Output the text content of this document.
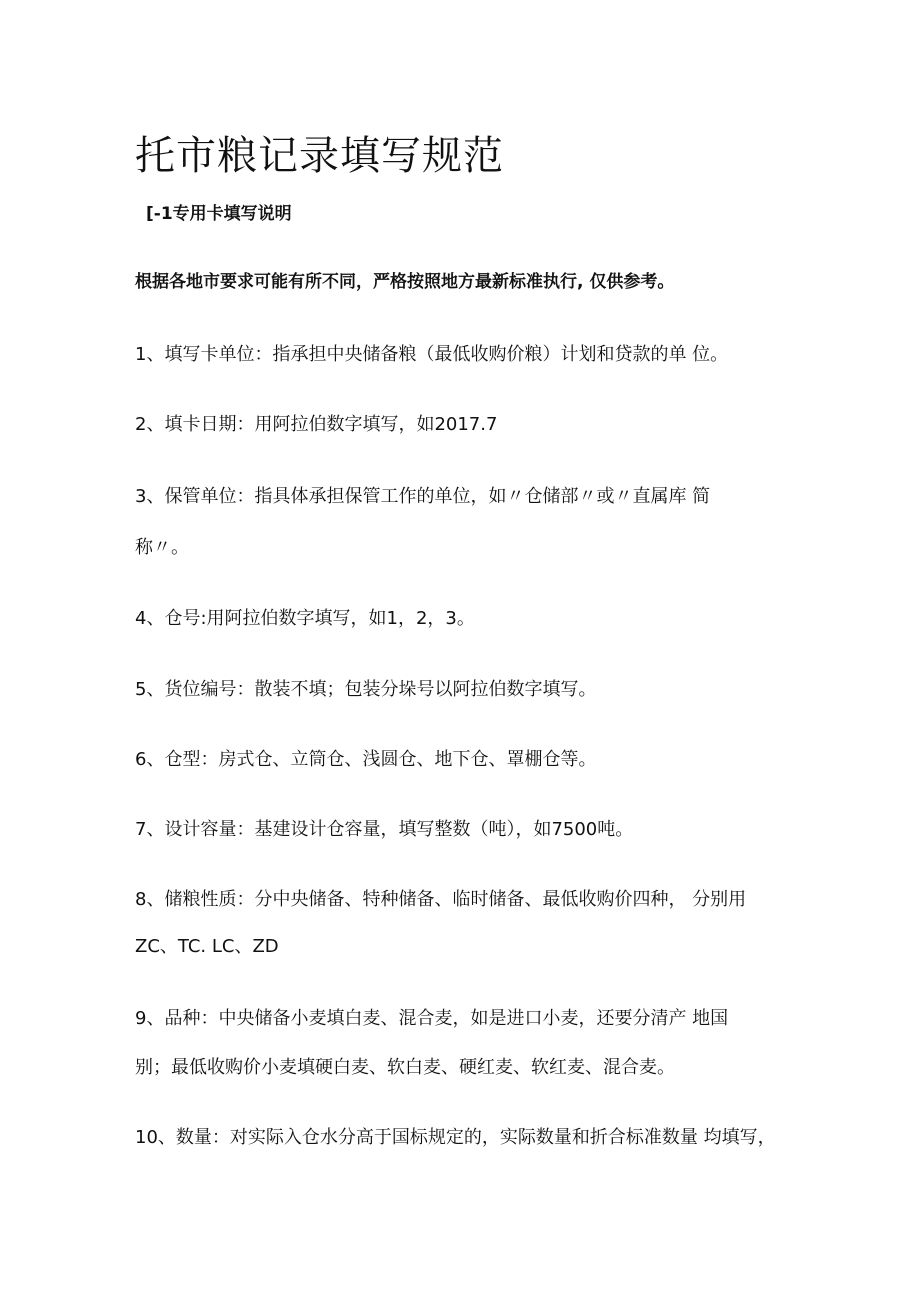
托市粮记录填写规范

[-1专用卡填写说明

根据各地市要求可能有所不同，严格按照地方最新标准执行, 仅供参考。

1、填写卡单位：指承担中央储备粮（最低收购价粮）计划和贷款的单 位。

2、填卡日期：用阿拉伯数字填写，如2017.7

3、保管单位：指具体承担保管工作的单位，如〃仓储部〃或〃直属库 简

称〃。

4、仓号:用阿拉伯数字填写，如1，2，3。

5、货位编号：散装不填；包装分垛号以阿拉伯数字填写。

6、仓型：房式仓、立筒仓、浅圆仓、地下仓、罩棚仓等。

7、设计容量：基建设计仓容量，填写整数（吨），如7500吨。

8、储粮性质：分中央储备、特种储备、临时储备、最低收购价四种， 分别用

ZC、TC. LC、ZD

9、品种：中央储备小麦填白麦、混合麦，如是进口小麦，还要分清产 地国

别；最低收购价小麦填硬白麦、软白麦、硬红麦、软红麦、混合麦。

10、数量：对实际入仓水分高于国标规定的，实际数量和折合标准数量 均填写，
